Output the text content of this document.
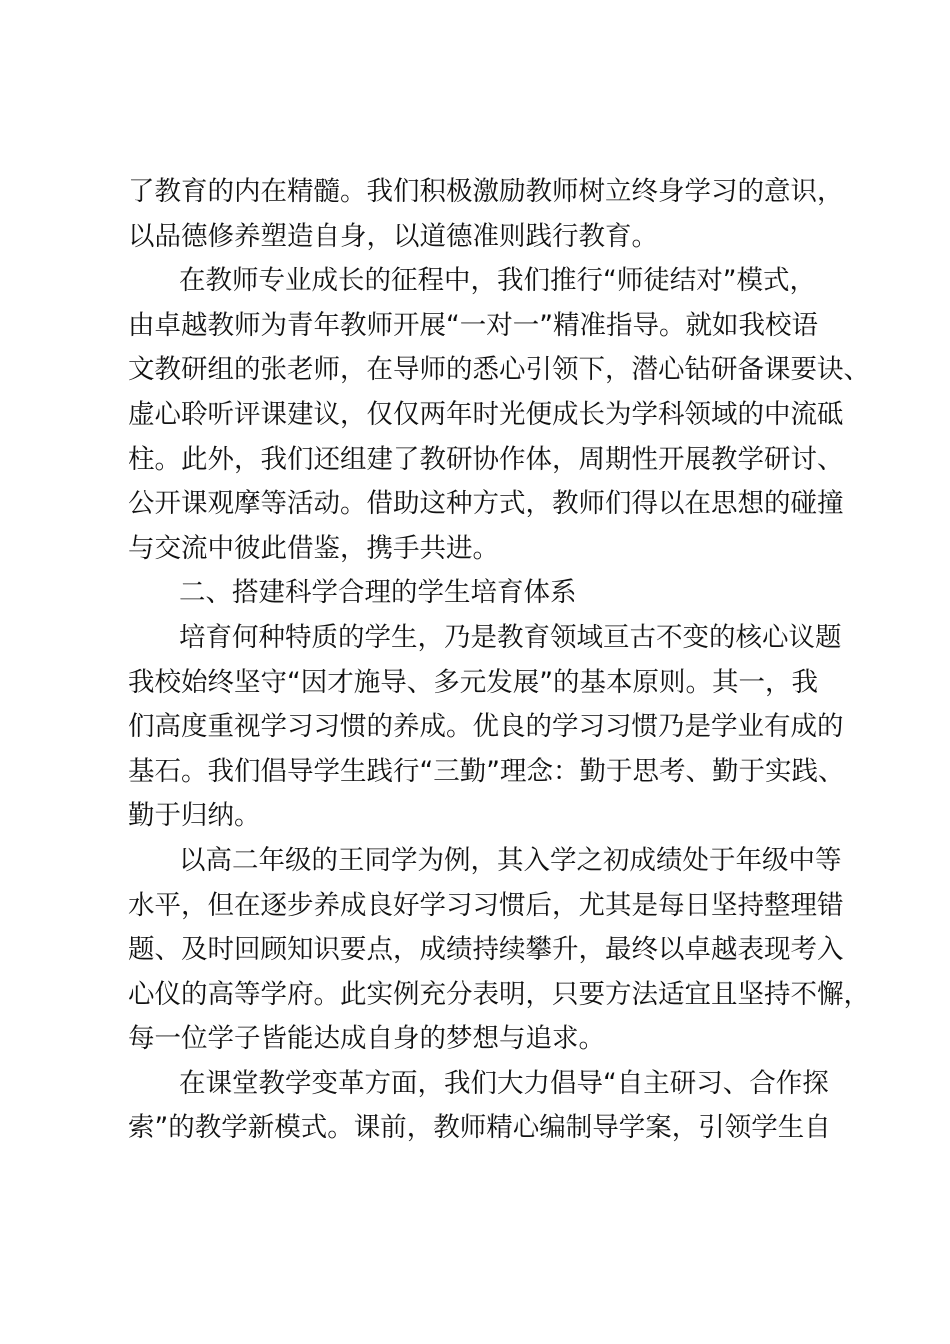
了教育的内在精髓。我们积极激励教师树立终身学习的意识，
以品德修养塑造自身，以道德准则践行教育。
在教师专业成长的征程中，我们推行“师徒结对”模式，
由卓越教师为青年教师开展“一对一”精准指导。就如我校语
文教研组的张老师，在导师的悉心引领下，潜心钻研备课要诀、
虚心聆听评课建议，仅仅两年时光便成长为学科领域的中流砥
柱。此外，我们还组建了教研协作体，周期性开展教学研讨、
公开课观摩等活动。借助这种方式，教师们得以在思想的碰撞
与交流中彼此借鉴，携手共进。
二、搭建科学合理的学生培育体系
培育何种特质的学生，乃是教育领域亘古不变的核心议题
我校始终坚守“因才施导、多元发展”的基本原则。其一，我
们高度重视学习习惯的养成。优良的学习习惯乃是学业有成的
基石。我们倡导学生践行“三勤”理念：勤于思考、勤于实践、
勤于归纳。
以高二年级的王同学为例，其入学之初成绩处于年级中等
水平，但在逐步养成良好学习习惯后，尤其是每日坚持整理错
题、及时回顾知识要点，成绩持续攀升，最终以卓越表现考入
心仪的高等学府。此实例充分表明，只要方法适宜且坚持不懈，
每一位学子皆能达成自身的梦想与追求。
在课堂教学变革方面，我们大力倡导“自主研习、合作探
索”的教学新模式。课前，教师精心编制导学案，引领学生自
